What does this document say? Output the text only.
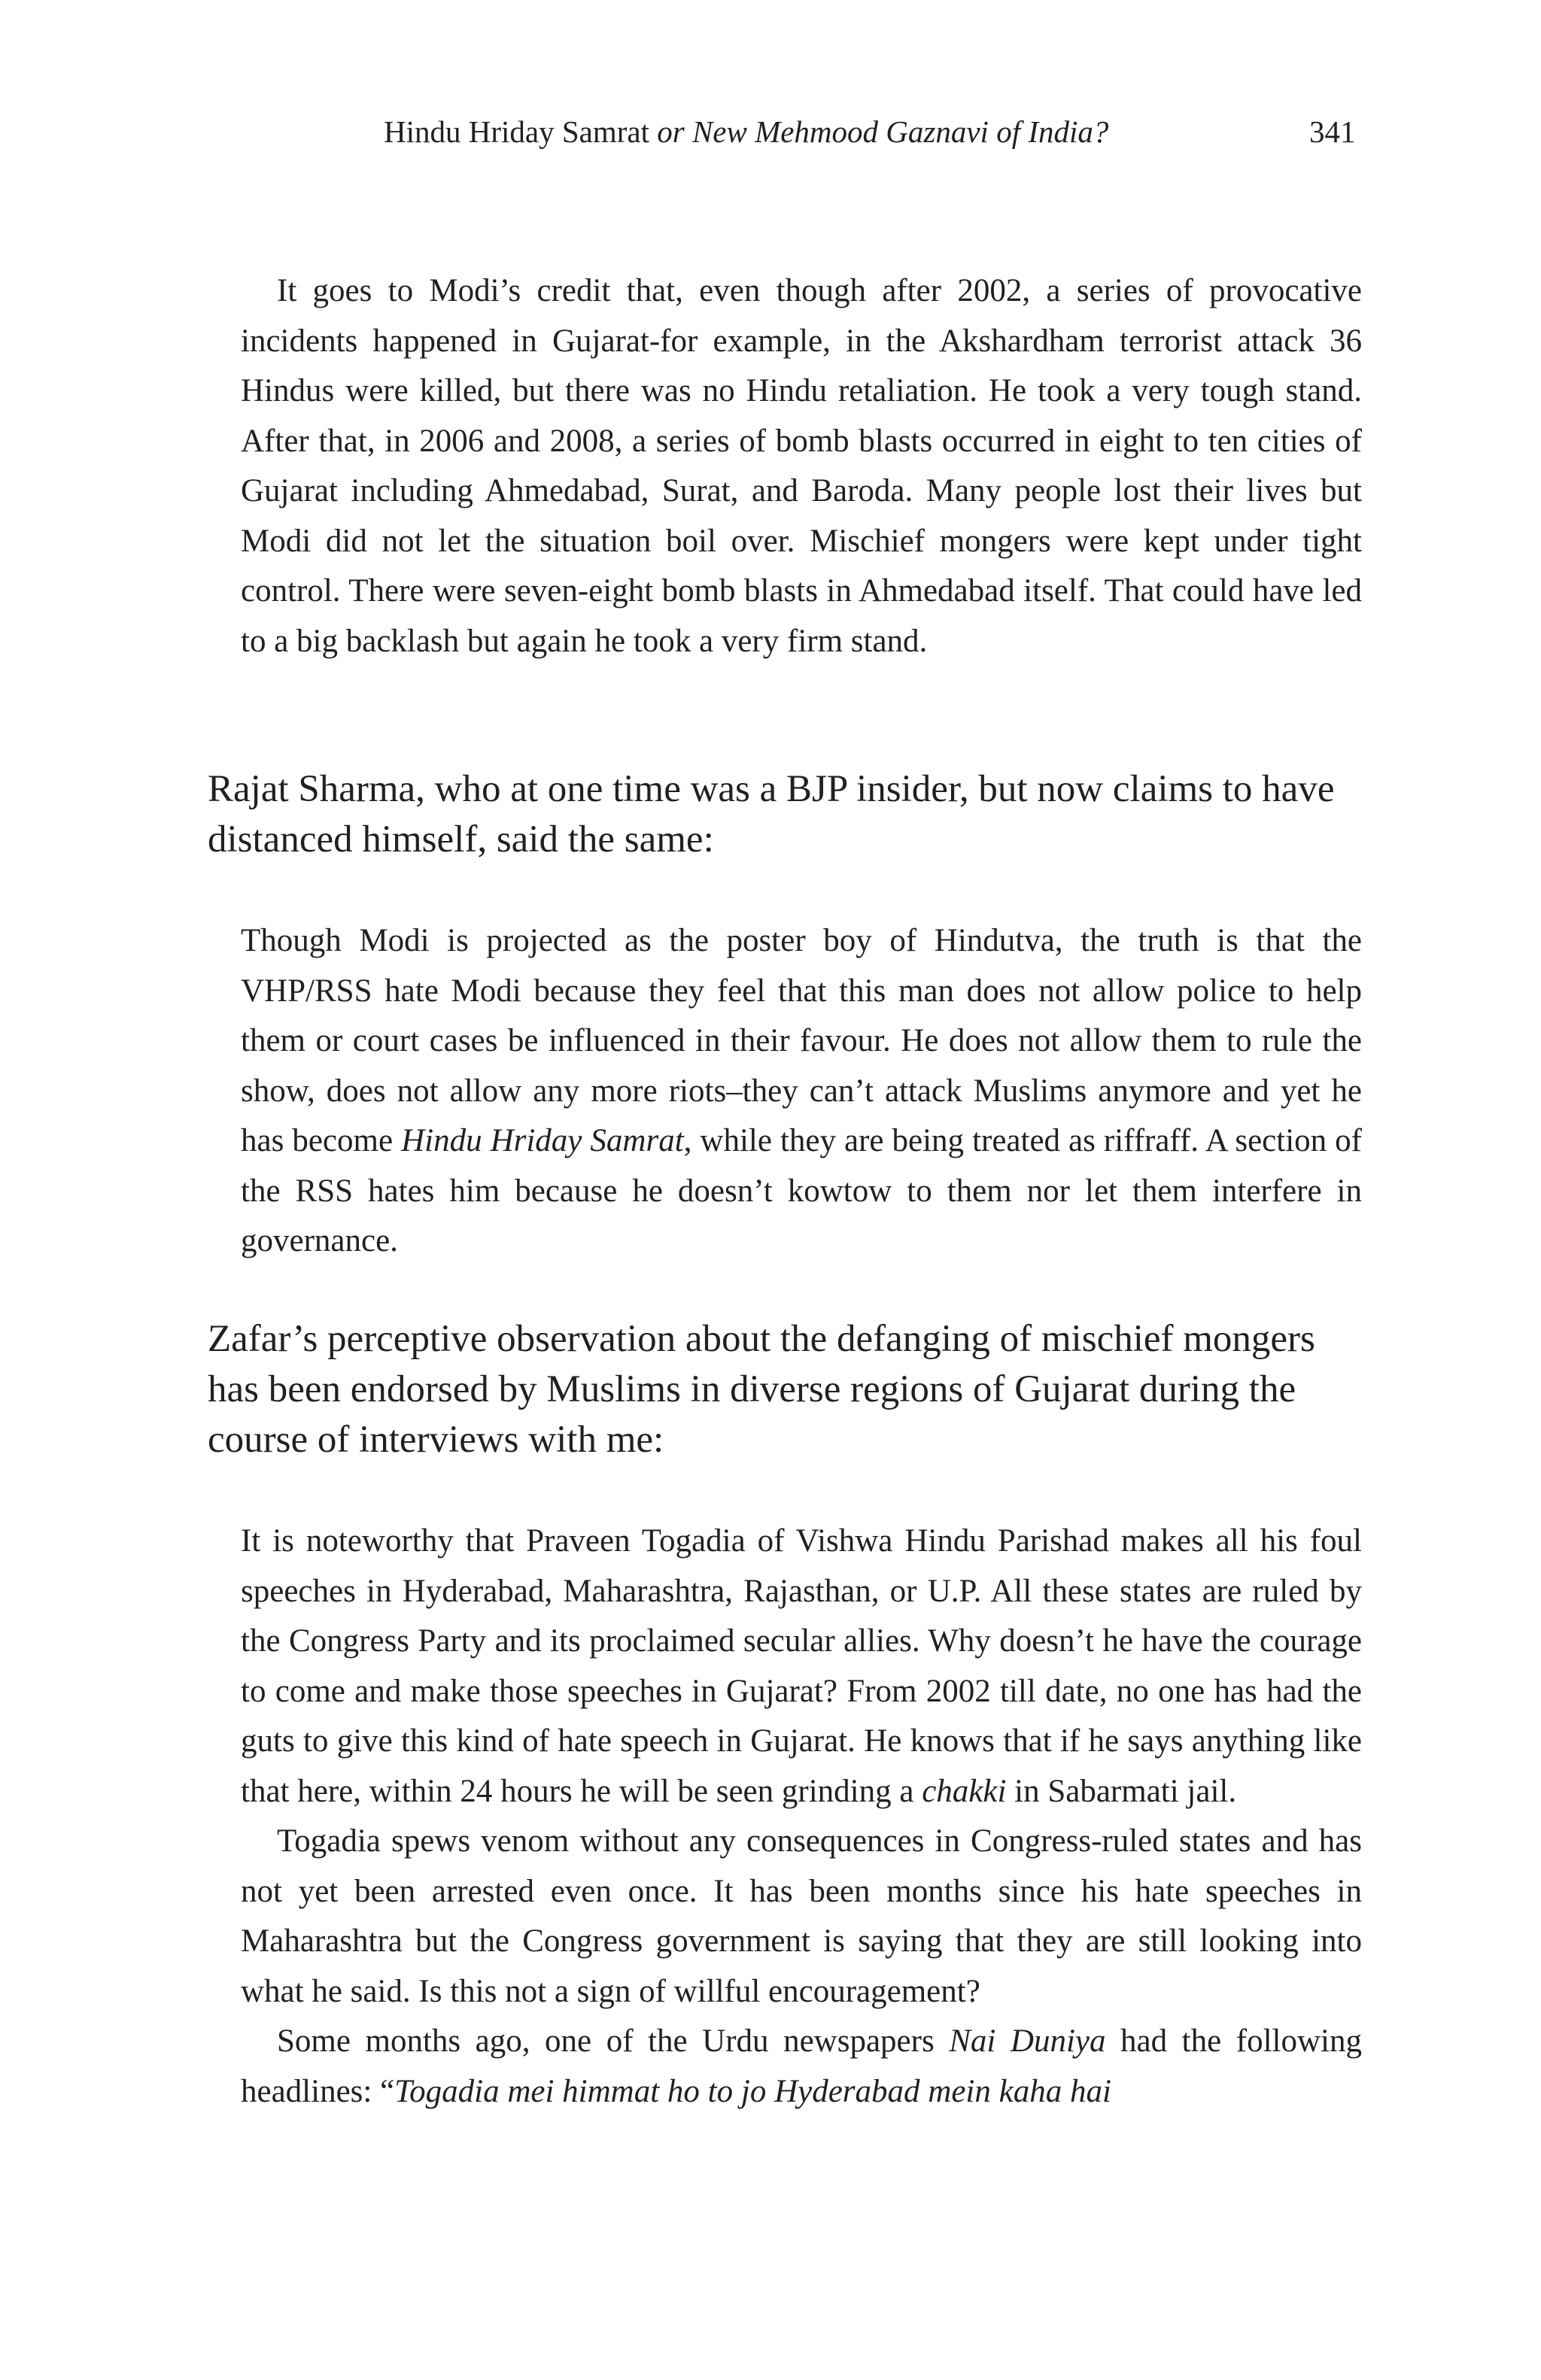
Hindu Hriday Samrat or New Mehmood Gaznavi of India?	341

It goes to Modi’s credit that, even though after 2002, a series of provocative incidents happened in Gujarat-for example, in the Akshardham terrorist attack 36 Hindus were killed, but there was no Hindu retaliation. He took a very tough stand. After that, in 2006 and 2008, a series of bomb blasts occurred in eight to ten cities of Gujarat including Ahmedabad, Surat, and Baroda. Many people lost their lives but Modi did not let the situation boil over. Mischief mongers were kept under tight control. There were seven-eight bomb blasts in Ahmedabad itself. That could have led to a big backlash but again he took a very firm stand.

Rajat Sharma, who at one time was a BJP insider, but now claims to have distanced himself, said the same:

Though Modi is projected as the poster boy of Hindutva, the truth is that the VHP/RSS hate Modi because they feel that this man does not allow police to help them or court cases be influenced in their favour. He does not allow them to rule the show, does not allow any more riots–they can’t attack Muslims anymore and yet he has become Hindu Hriday Samrat, while they are being treated as riffraff. A section of the RSS hates him because he doesn’t kowtow to them nor let them interfere in governance.

Zafar’s perceptive observation about the defanging of mischief mongers has been endorsed by Muslims in diverse regions of Gujarat during the course of interviews with me:

It is noteworthy that Praveen Togadia of Vishwa Hindu Parishad makes all his foul speeches in Hyderabad, Maharashtra, Rajasthan, or U.P. All these states are ruled by the Congress Party and its proclaimed secular allies. Why doesn’t he have the courage to come and make those speeches in Gujarat? From 2002 till date, no one has had the guts to give this kind of hate speech in Gujarat. He knows that if he says anything like that here, within 24 hours he will be seen grinding a chakki in Sabarmati jail.

Togadia spews venom without any consequences in Congress-ruled states and has not yet been arrested even once. It has been months since his hate speeches in Maharashtra but the Congress government is saying that they are still looking into what he said. Is this not a sign of willful encouragement?

Some months ago, one of the Urdu newspapers Nai Duniya had the following headlines: “Togadia mei himmat ho to jo Hyderabad mein kaha hai
